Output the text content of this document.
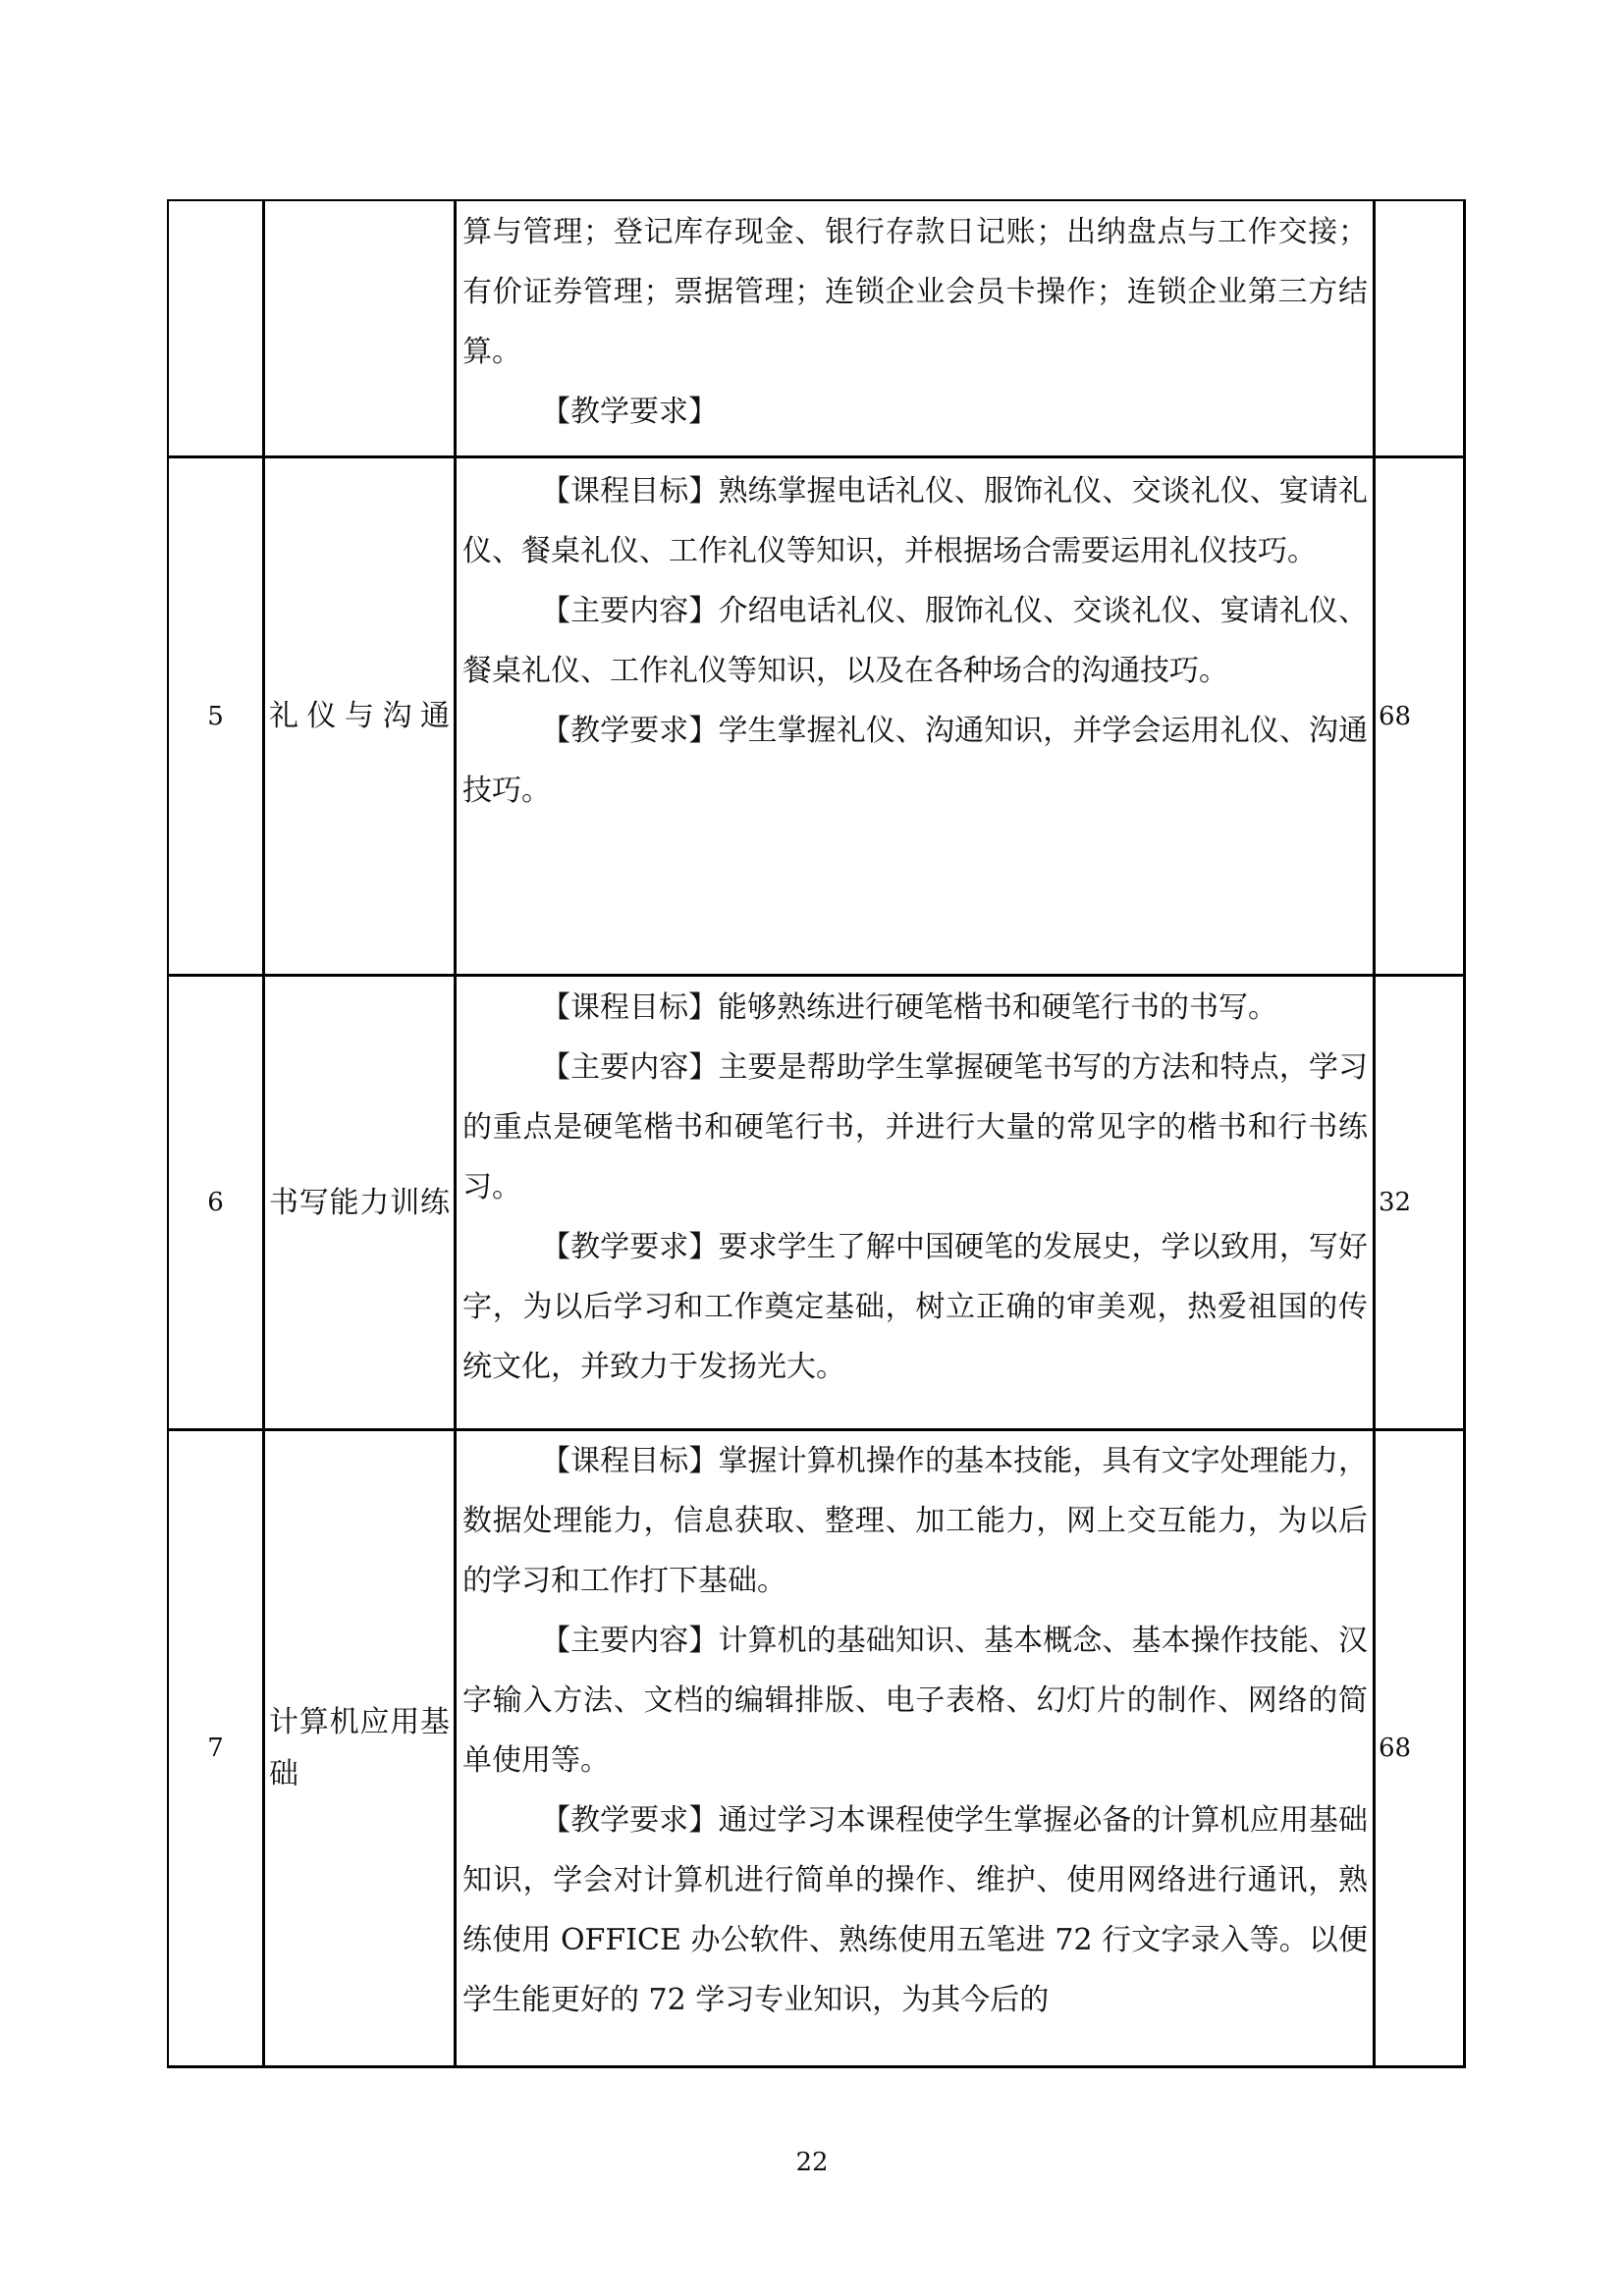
算与管理；登记库存现金、银行存款日记账；出纳盘点与工作交接；有价证券管理；票据管理；连锁企业会员卡操作；连锁企业第三方结算。

【教学要求】

5	礼仪与沟通

【课程目标】熟练掌握电话礼仪、服饰礼仪、交谈礼仪、宴请礼仪、餐桌礼仪、工作礼仪等知识，并根据场合需要运用礼仪技巧。

【主要内容】介绍电话礼仪、服饰礼仪、交谈礼仪、宴请礼仪、餐桌礼仪、工作礼仪等知识，以及在各种场合的沟通技巧。

【教学要求】学生掌握礼仪、沟通知识，并学会运用礼仪、沟通技巧。

68
6	书写能力训练

【课程目标】能够熟练进行硬笔楷书和硬笔行书的书写。

【主要内容】主要是帮助学生掌握硬笔书写的方法和特点，学习的重点是硬笔楷书和硬笔行书，并进行大量的常见字的楷书和行书练习。

【教学要求】要求学生了解中国硬笔的发展史，学以致用，写好字，为以后学习和工作奠定基础，树立正确的审美观，热爱祖国的传统文化，并致力于发扬光大。

32
7
计算机应用基础

【课程目标】掌握计算机操作的基本技能，具有文字处理能力，数据处理能力，信息获取、整理、加工能力，网上交互能力，为以后的学习和工作打下基础。

【主要内容】计算机的基础知识、基本概念、基本操作技能、汉字输入方法、文档的编辑排版、电子表格、幻灯片的制作、网络的简单使用等。

【教学要求】通过学习本课程使学生掌握必备的计算机应用基础知识，学会对计算机进行简单的操作、维护、使用网络进行通讯，熟练使用 OFFICE 办公软件、熟练使用五笔进 72 行文字录入等。以便学生能更好的 72 学习专业知识，为其今后的

68
22
